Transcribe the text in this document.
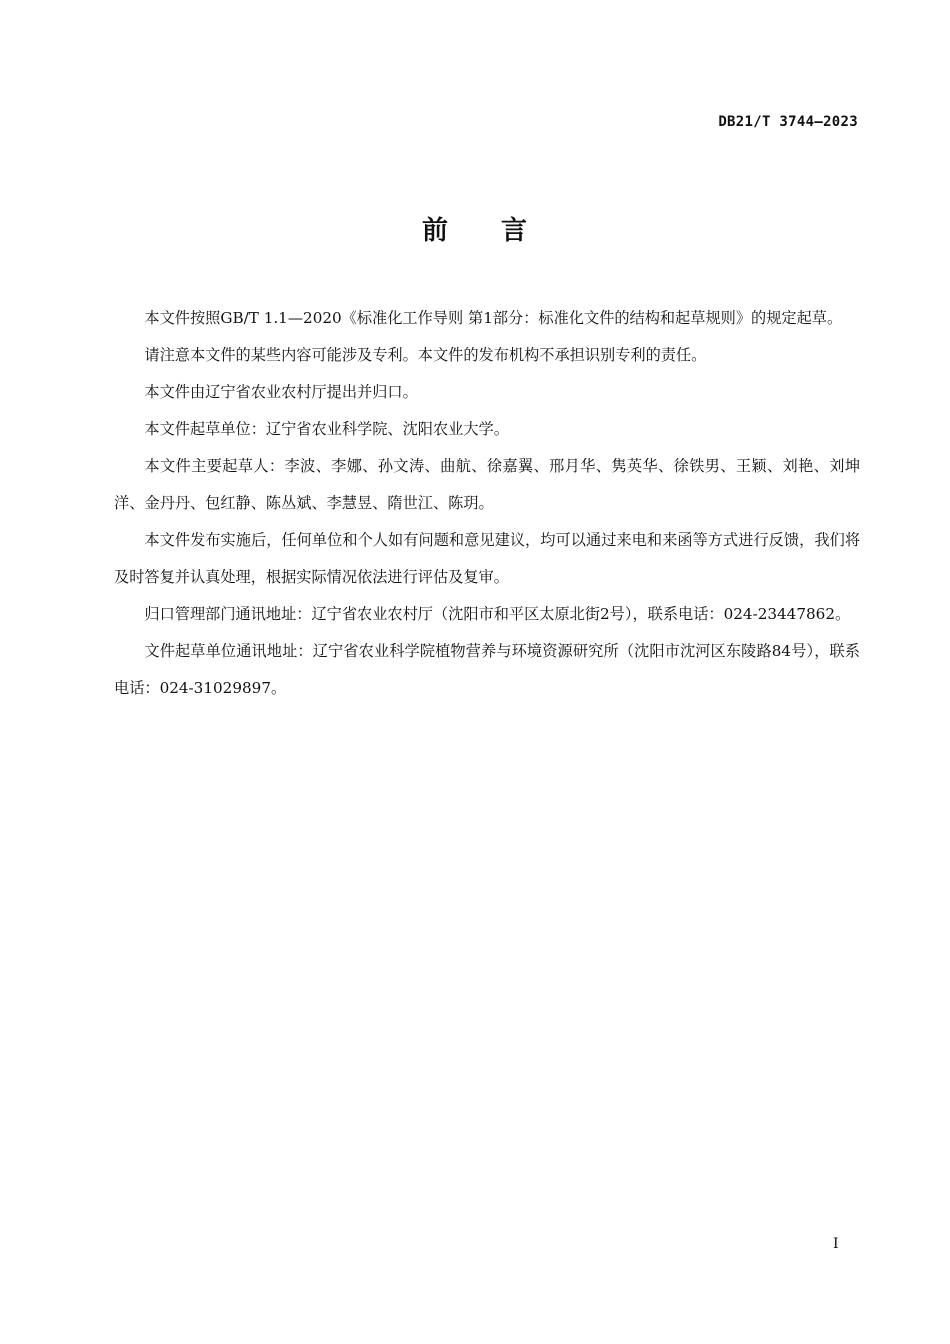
DB21/T 3744—2023
前 言

本文件按照GB/T 1.1—2020《标准化工作导则 第1部分：标准化文件的结构和起草规则》的规定起草。

请注意本文件的某些内容可能涉及专利。本文件的发布机构不承担识别专利的责任。

本文件由辽宁省农业农村厅提出并归口。

本文件起草单位：辽宁省农业科学院、沈阳农业大学。

本文件主要起草人：李波、李娜、孙文涛、曲航、徐嘉翼、邢月华、隽英华、徐铁男、王颖、刘艳、刘坤洋、金丹丹、包红静、陈丛斌、李慧昱、隋世江、陈玥。

本文件发布实施后，任何单位和个人如有问题和意见建议，均可以通过来电和来函等方式进行反馈，我们将及时答复并认真处理，根据实际情况依法进行评估及复审。

归口管理部门通讯地址：辽宁省农业农村厅（沈阳市和平区太原北街2号），联系电话：024-23447862。

文件起草单位通讯地址：辽宁省农业科学院植物营养与环境资源研究所（沈阳市沈河区东陵路84号），联系电话：024-31029897。

I
